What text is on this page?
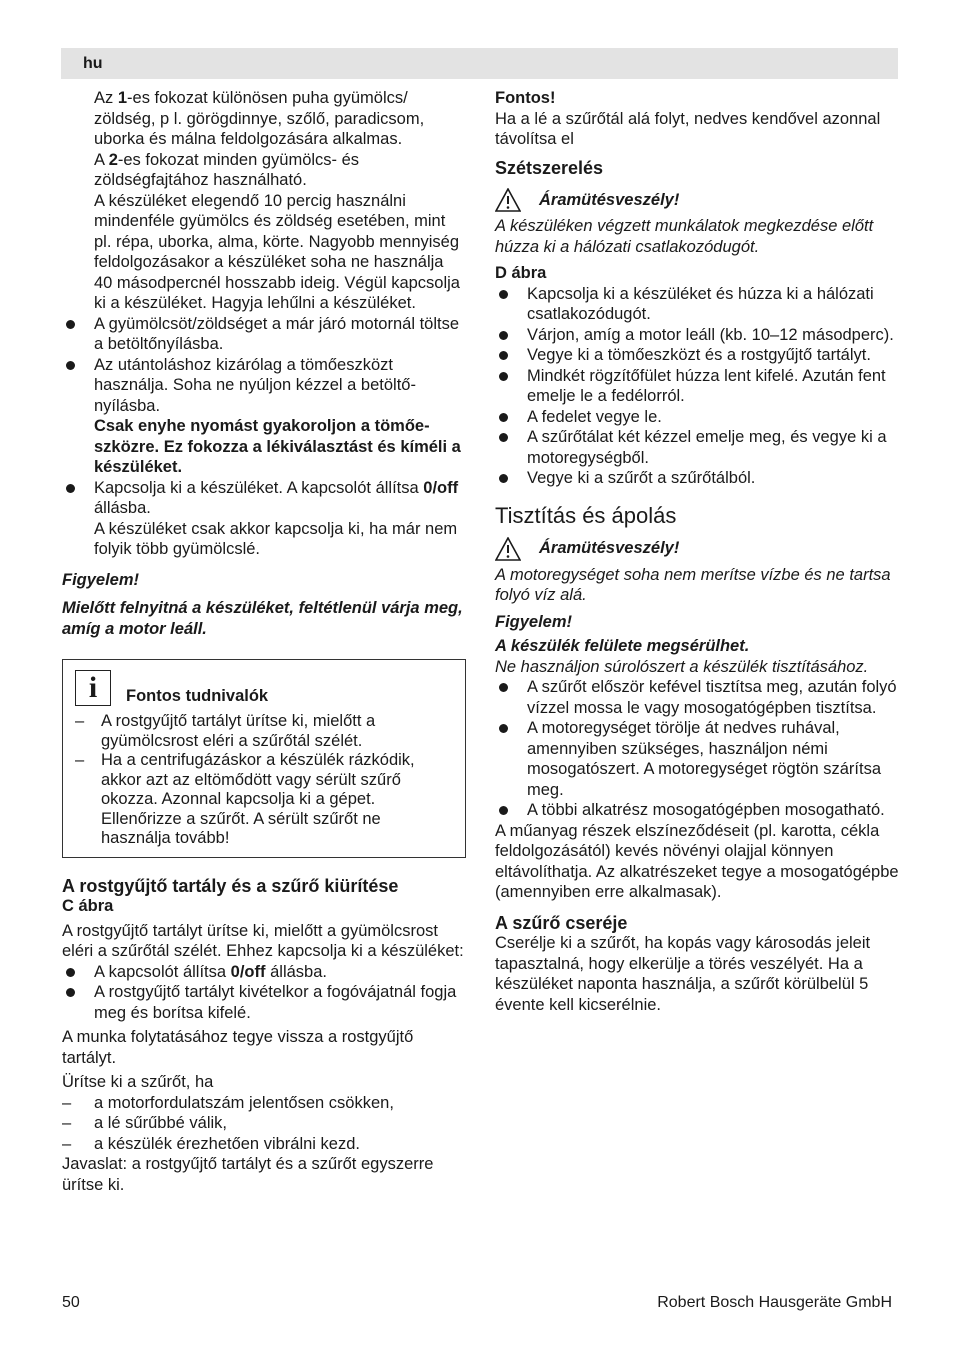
hu

Az 1-es fokozat különösen puha gyümölcs/ zöldség, p l. görögdinnye, szőlő, paradicsom, uborka és málna feldolgozására alkalmas.

A 2-es fokozat minden gyümölcs- és zöldségfajtához használható.

A készüléket elegendő 10 percig használni mindenféle gyümölcs és zöldség esetében, mint pl. répa, uborka, alma, körte. Nagyobb mennyiség feldolgozásakor a készüléket soha ne használja 40 másodpercnél hosszabb ideig. Végül kapcsolja ki a készüléket. Hagyja lehűlni a készüléket.

A gyümölcsöt/zöldséget a már járó motornál töltse a betöltőnyílásba.

Az utántoláshoz kizárólag a tömőeszközt használja. Soha ne nyúljon kézzel a betöltőnyílásba.

Csak enyhe nyomást gyakoroljon a tömőeszközre. Ez fokozza a lékiválasztást és kíméli a készüléket.

Kapcsolja ki a készüléket. A kapcsolót állítsa 0/off állásba.

A készüléket csak akkor kapcsolja ki, ha már nem folyik több gyümölcslé.

Figyelem!

Mielőtt felnyitná a készüléket, feltétlenül várja meg, amíg a motor leáll.

i	Fontos tudnivalók

– A rostgyűjtő tartályt ürítse ki, mielőtt a gyümölcsrost eléri a szűrőtál szélét.

– Ha a centrifugázáskor a készülék rázkódik, akkor azt az eltömődött vagy sérült szűrő okozza. Azonnal kapcsolja ki a gépet. Ellenőrizze a szűrőt. A sérült szűrőt ne használja tovább!

A rostgyűjtő tartály és a szűrő kiürítése

C ábra

A rostgyűjtő tartályt ürítse ki, mielőtt a gyümölcsrost eléri a szűrőtál szélét. Ehhez kapcsolja ki a készüléket:

A kapcsolót állítsa 0/off állásba.

A rostgyűjtő tartályt kivételkor a fogóvájatnál fogja meg és borítsa kifelé.

A munka folytatásához tegye vissza a rostgyűjtő tartályt.

Ürítse ki a szűrőt, ha

– a motorfordulatszám jelentősen csökken,

– a lé sűrűbbé válik,

– a készülék érezhetően vibrálni kezd.

Javaslat: a rostgyűjtő tartályt és a szűrőt egyszerre ürítse ki.

Fontos!

Ha a lé a szűrőtál alá folyt, nedves kendővel azonnal távolítsa el

Szétszerelés

Áramütésveszély!

A készüléken végzett munkálatok megkezdése előtt húzza ki a hálózati csatlakozódugót.

D ábra

Kapcsolja ki a készüléket és húzza ki a hálózati csatlakozódugót.

Várjon, amíg a motor leáll (kb. 10–12 másodperc).

Vegye ki a tömőeszközt és a rostgyűjtő tartályt.

Mindkét rögzítőfület húzza lent kifelé. Azután fent emelje le a fedélorról.

A fedelet vegye le.

A szűrőtálat két kézzel emelje meg, és vegye ki a motoregységből.

Vegye ki a szűrőt a szűrőtálból.

Tisztítás és ápolás

Áramütésveszély!

A motoregységet soha nem merítse vízbe és ne tartsa folyó víz alá.

Figyelem!

A készülék felülete megsérülhet.

Ne használjon súrolószert a készülék tisztításához.

A szűrőt először kefével tisztítsa meg, azután folyó vízzel mossa le vagy mosogatógépben tisztítsa.

A motoregységet törölje át nedves ruhával, amennyiben szükséges, használjon némi mosogatószert. A motoregységet rögtön szárítsa meg.

A többi alkatrész mosogatógépben mosogatható.

A műanyag részek elszíneződéseit (pl. karotta, cékla feldolgozásától) kevés növényi olajjal könnyen eltávolíthatja. Az alkatrészeket tegye a mosogatógépbe (amennyiben erre alkalmasak).

A szűrő cseréje

Cserélje ki a szűrőt, ha kopás vagy károsodás jeleit tapasztalná, hogy elkerülje a törés veszélyét. Ha a készüléket naponta használja, a szűrőt körülbelül 5 évente kell kicserélnie.

50	Robert Bosch Hausgeräte GmbH
